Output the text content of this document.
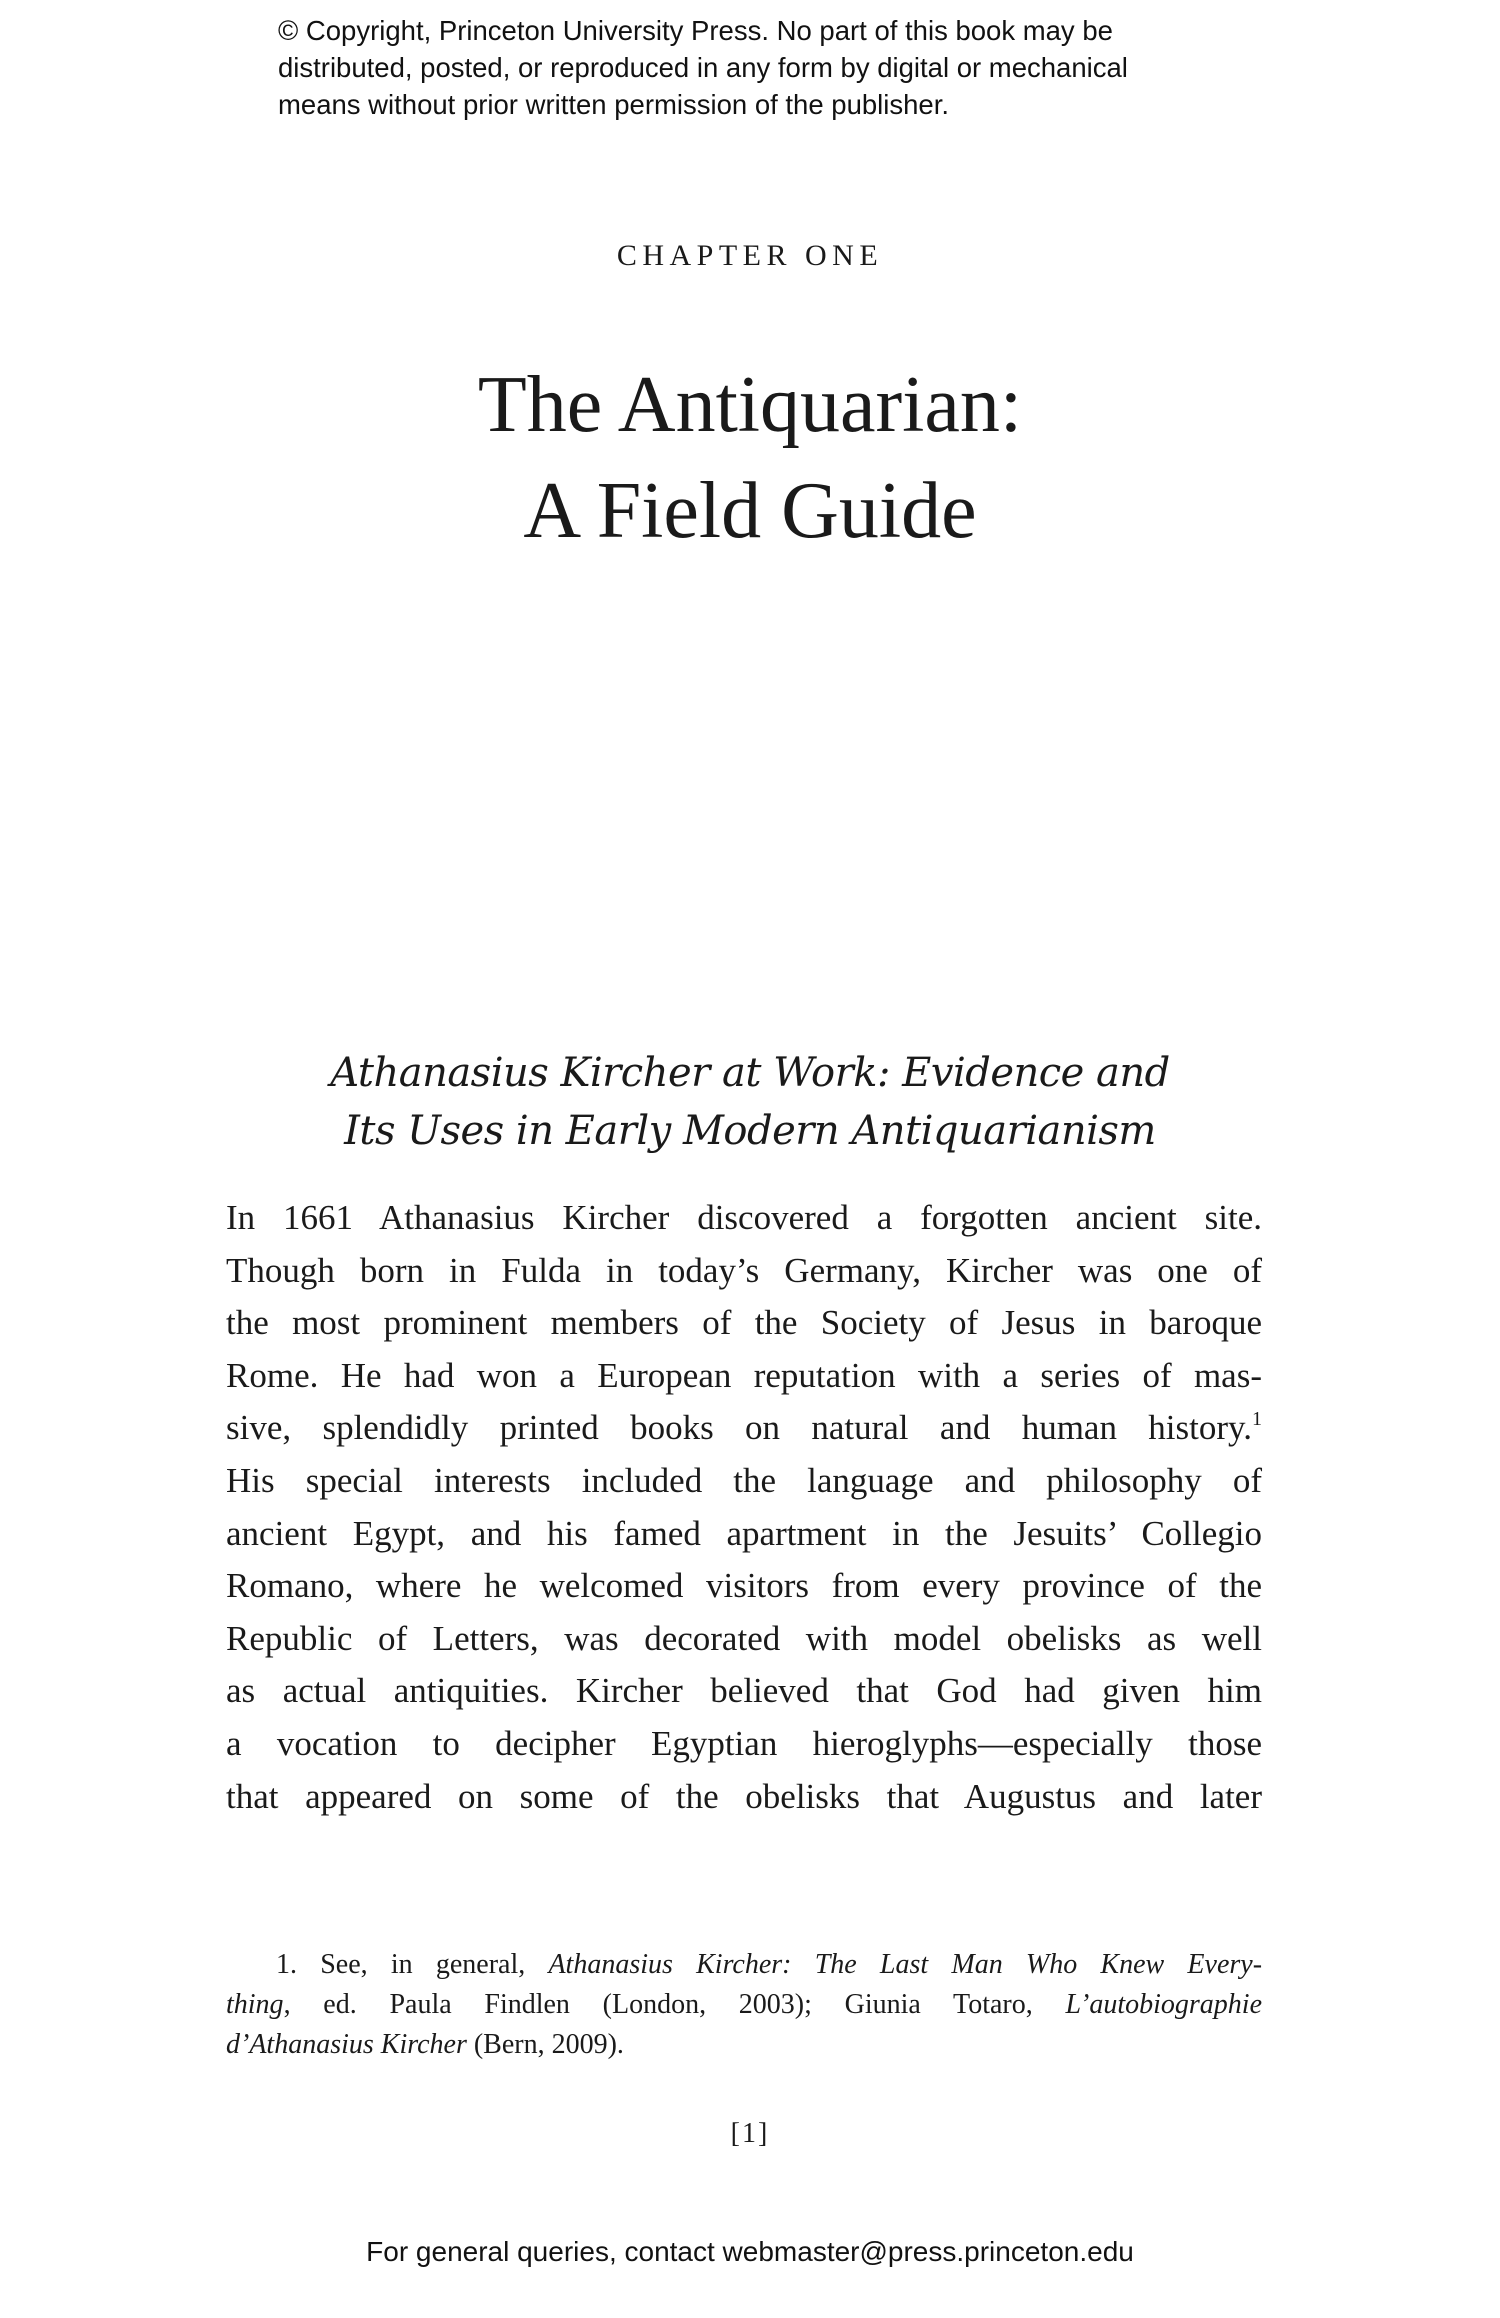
© Copyright, Princeton University Press. No part of this book may be
distributed, posted, or reproduced in any form by digital or mechanical
means without prior written permission of the publisher.
CHAPTER ONE
The Antiquarian:
A Field Guide
Athanasius Kircher at Work: Evidence and
Its Uses in Early Modern Antiquarianism
In 1661 Athanasius Kircher discovered a forgotten ancient site.
Though born in Fulda in today’s Germany, Kircher was one of
the most prominent members of the Society of Jesus in baroque
Rome. He had won a European reputation with a series of mas-
sive, splendidly printed books on natural and human history.$^1$
His special interests included the language and philosophy of
ancient Egypt, and his famed apartment in the Jesuits’ Collegio
Romano, where he welcomed visitors from every province of the
Republic of Letters, was decorated with model obelisks as well
as actual antiquities. Kircher believed that God had given him
a vocation to decipher Egyptian hieroglyphs—especially those
that appeared on some of the obelisks that Augustus and later
1. See, in general, Athanasius Kircher: The Last Man Who Knew Every-
thing, ed. Paula Findlen (London, 2003); Giunia Totaro, L’autobiographie
d’Athanasius Kircher (Bern, 2009).
[1]
For general queries, contact webmaster@press.princeton.edu
